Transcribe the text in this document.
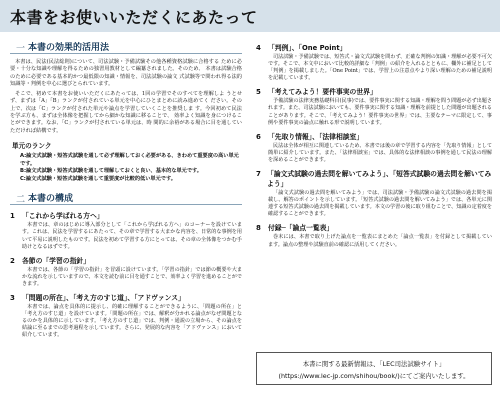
本書をお使いいただくにあたって
一 本書の効果的活用法

本書は、民法(民法総則)について、司法試験・予備試験その他各種資格試験に合格する ために必要・十分な知識や理解を得るための独習用教材として編纂されました。そのため、 本書は試験合格のために必要である基本的かつ最低限の知識・情報を、司法試験の論文 式試験等で問われ得る法的知識等・判例を中心に選びとられています。

そこで、初めて本書をお使いいただくにあたっては、1回の学習でそのすべてを理解しよ うとせず、まずは「A」「B」ランクが付されている単元を中心にひとまとめに読み進めてく ださい。その上で、次は「C」ランクが付された単元や論点を学習していくことを推奨しま す。今回初めて民法を学ぶ方も、まずは全体像を把握してから細かな知識に移ることで、 効率よく知識を身につけることができます。なお、「C」ランクが付されている単元は、時 間的に余裕がある場合に目を通していただければ結構です。

単元のランク
A:論文式試験・短答式試験を通して必ず理解しておく必要がある、きわめて重要度の高い単元です。
B:論文式試験・短答式試験を通して理解しておくと良い、基本的な単元です。
C:論文式試験・短答式試験を通して重要度が比較的低い単元です。
二 本書の構成
1	「これから学ばれる方へ」

本書では、章のはじめに導入部分として「これから学ばれる方へ」のコーナーを設けています。これは、民法を学習するにあたって、その章で学習する大まかな内容を、日常的な事例を用いて平易に説明したものです。民法を初めて学習する方にとっては、その章の全体像をつかむ手助けとなるはずです。

2	各節の「学習の指針」

本書では、各節の「学習の指針」を冒頭に設けています。「学習の指針」では節の概要や大まかな流れを示していますので、本文を読む前に目を通すことで、効率よく学習を進めることができます。

3	「問題の所在」、「考え方のすじ道」、「アドヴァンス」

本書では、論点を具体的に提示し、的確に理解することができるように、「問題の所在」と「考え方のすじ道」を設けています。「問題の所在」では、解釈が分かれる論点がなぜ問題となるのかを具体的に示しています。「考え方のすじ道」では、判例・通説の立場から、その論点を結論に至るまでの思考過程を示しています。さらに、発展的な内容を「アドヴァンス」において紹介しています。

4	「判例」、「One Point」

司法試験・予備試験では、短答式・論文式試験を問わず、正確な判例の知識・理解が必要不可欠です。そこで、本文中において比較的詳細な「判例」の紹介を入れるとともに、欄外に補足として「判例」を掲載しました。「One Point」では、学習上の注意点やより深い理解のための補足説明を記載しています。

5	「考えてみよう！要件事実の世界」

予備試験の法律実務基礎科目(民事)では、要件事実に関する知識・理解を問う問題が必ず出題されます。また、司法試験においても、要件事実に関する知識・理解を前提とした問題が出題されることがあります。そこで、「考えてみよう！要件事実の世界」では、主要なテーマに限定して、事例や要件事実の論点に触れる形で説明しています。

6	「先取り情報」、「法律相談室」

民法は全体が相互に関連しているため、本書では後の章で学習する内容を「先取り情報」として簡単に紹介しています。また、「法律相談室」では、具体的な法律相談の事例を通して民法の理解を深めることができます。

7 「論文式試験の過去問を解いてみよう」、「短答式試験の過去問を解いてみよう」

「論文式試験の過去問を解いてみよう」では、司法試験・予備試験の論文式試験の過去問を掲載し、解答のポイントを示しています。「短答式試験の過去問を解いてみよう」では、各単元に関連する短答式試験の過去問を掲載しています。本文の学習の後に取り組むことで、知識の定着度を確認することができます。

8	付録─「論点一覧表」

巻末には、本書で取り上げた論点を一覧表にまとめた「論点一覧表」を付録として掲載しています。論点の整理や試験直前の確認に活用してください。

本書に関する最新情報は、「LEC司法試験サイト」
(https://www.lec-jp.com/shihou/book/)にてご案内いたします。
